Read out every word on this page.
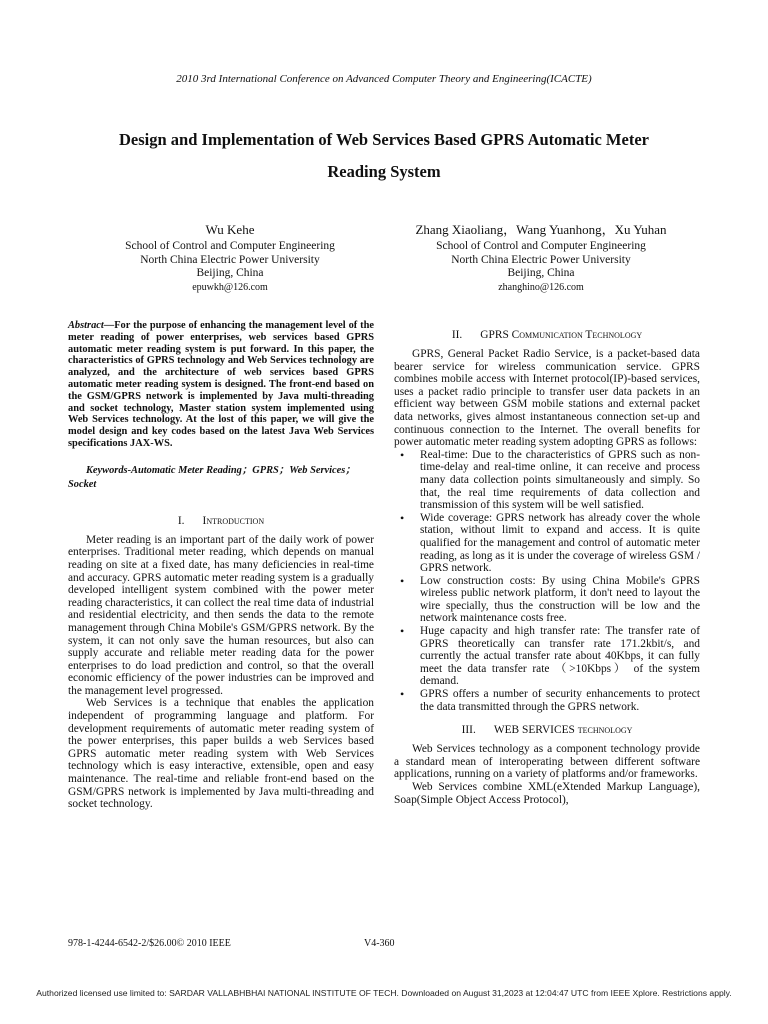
2010 3rd International Conference on Advanced Computer Theory and Engineering(ICACTE)
Design and Implementation of Web Services Based GPRS Automatic Meter
Reading System
Wu Kehe
School of Control and Computer Engineering
North China Electric Power University
Beijing, China
epuwkh@126.com
Zhang Xiaoliang，Wang Yuanhong，Xu Yuhan
School of Control and Computer Engineering
North China Electric Power University
Beijing, China
zhanghino@126.com

Abstract—For the purpose of enhancing the management level of the meter reading of power enterprises, web services based GPRS automatic meter reading system is put forward. In this paper, the characteristics of GPRS technology and Web Services technology are analyzed, and the architecture of web services based GPRS automatic meter reading system is designed. The front-end based on the GSM/GPRS network is implemented by Java multi-threading and socket technology, Master station system implemented using Web Services technology. At the lost of this paper, we will give the model design and key codes based on the latest Java Web Services specifications JAX-WS.

Keywords-Automatic Meter Reading；GPRS；Web Services；Socket

I. Introduction

Meter reading is an important part of the daily work of power enterprises. Traditional meter reading, which depends on manual reading on site at a fixed date, has many deficiencies in real-time and accuracy. GPRS automatic meter reading system is a gradually developed intelligent system combined with the power meter reading characteristics, it can collect the real time data of industrial and residential electricity, and then sends the data to the remote management through China Mobile's GSM/GPRS network. By the system, it can not only save the human resources, but also can supply accurate and reliable meter reading data for the power enterprises to do load prediction and control, so that the overall economic efficiency of the power industries can be improved and the management level progressed.

Web Services is a technique that enables the application independent of programming language and platform. For development requirements of automatic meter reading system of the power enterprises, this paper builds a web Services based GPRS automatic meter reading system with Web Services technology which is easy interactive, extensible, open and easy maintenance. The real-time and reliable front-end based on the GSM/GPRS network is implemented by Java multi-threading and socket technology.

II. GPRS Communication Technology

GPRS, General Packet Radio Service, is a packet-based data bearer service for wireless communication service. GPRS combines mobile access with Internet protocol(IP)-based services, uses a packet radio principle to transfer user data packets in an efficient way between GSM mobile stations and external packet data networks, gives almost instantaneous connection set-up and continuous connection to the Internet. The overall benefits for power automatic meter reading system adopting GPRS as follows:

• Real-time: Due to the characteristics of GPRS such as non-time-delay and real-time online, it can receive and process many data collection points simultaneously and simply. So that, the real time requirements of data collection and transmission of this system will be well satisfied.
• Wide coverage: GPRS network has already cover the whole station, without limit to expand and access. It is quite qualified for the management and control of automatic meter reading, as long as it is under the coverage of wireless GSM / GPRS network.
• Low construction costs: By using China Mobile's GPRS wireless public network platform, it don't need to layout the wire specially, thus the construction will be low and the network maintenance costs free.
• Huge capacity and high transfer rate: The transfer rate of GPRS theoretically can transfer rate 171.2kbit/s, and currently the actual transfer rate about 40Kbps, it can fully meet the data transfer rate （>10Kbps） of the system demand.
• GPRS offers a number of security enhancements to protect the data transmitted through the GPRS network.
III. WEB SERVICES technology

Web Services technology as a component technology provide a standard mean of interoperating between different software applications, running on a variety of platforms and/or frameworks.

Web Services combine XML(eXtended Markup Language), Soap(Simple Object Access Protocol),

978-1-4244-6542-2/$26.00© 2010 IEEE	V4-360
Authorized licensed use limited to: SARDAR VALLABHBHAI NATIONAL INSTITUTE OF TECH. Downloaded on August 31,2023 at 12:04:47 UTC from IEEE Xplore. Restrictions apply.
